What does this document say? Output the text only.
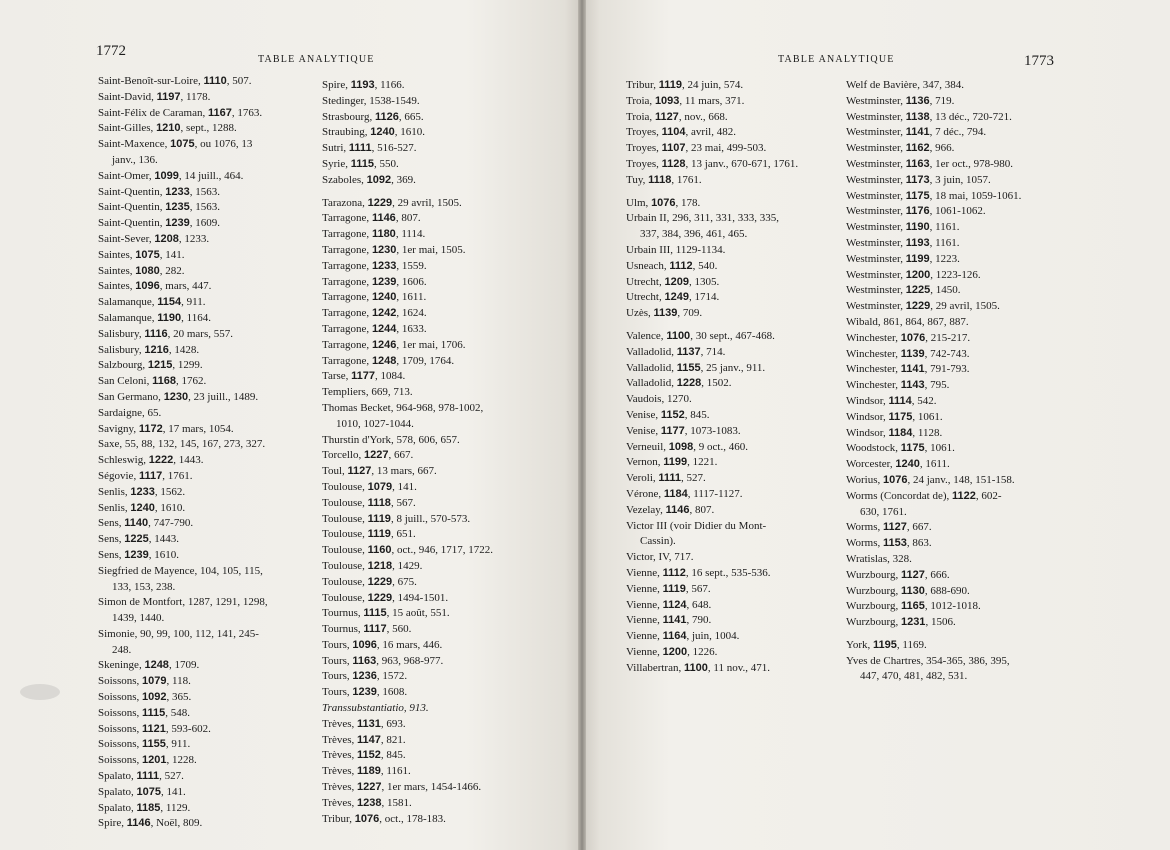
1772
TABLE ANALYTIQUE
Saint-Benoît-sur-Loire, 1110, 507.
Saint-David, 1197, 1178.
Saint-Félix de Caraman, 1167, 1763.
Saint-Gilles, 1210, sept., 1288.
Saint-Maxence, 1075, ou 1076, 13
janv., 136.
Saint-Omer, 1099, 14 juill., 464.
Saint-Quentin, 1233, 1563.
Saint-Quentin, 1235, 1563.
Saint-Quentin, 1239, 1609.
Saint-Sever, 1208, 1233.
Saintes, 1075, 141.
Saintes, 1080, 282.
Saintes, 1096, mars, 447.
Salamanque, 1154, 911.
Salamanque, 1190, 1164.
Salisbury, 1116, 20 mars, 557.
Salisbury, 1216, 1428.
Salzbourg, 1215, 1299.
San Celoni, 1168, 1762.
San Germano, 1230, 23 juill., 1489.
Sardaigne, 65.
Savigny, 1172, 17 mars, 1054.
Saxe, 55, 88, 132, 145, 167, 273, 327.
Schleswig, 1222, 1443.
Ségovie, 1117, 1761.
Senlis, 1233, 1562.
Senlis, 1240, 1610.
Sens, 1140, 747-790.
Sens, 1225, 1443.
Sens, 1239, 1610.
Siegfried de Mayence, 104, 105, 115,
133, 153, 238.
Simon de Montfort, 1287, 1291, 1298,
1439, 1440.
Simonie, 90, 99, 100, 112, 141, 245-
248.
Skeninge, 1248, 1709.
Soissons, 1079, 118.
Soissons, 1092, 365.
Soissons, 1115, 548.
Soissons, 1121, 593-602.
Soissons, 1155, 911.
Soissons, 1201, 1228.
Spalato, 1111, 527.
Spalato, 1075, 141.
Spalato, 1185, 1129.
Spire, 1146, Noël, 809.
Spire, 1193, 1166.
Stedinger, 1538-1549.
Strasbourg, 1126, 665.
Straubing, 1240, 1610.
Sutri, 1111, 516-527.
Syrie, 1115, 550.
Szaboles, 1092, 369.
Tarazona, 1229, 29 avril, 1505.
Tarragone, 1146, 807.
Tarragone, 1180, 1114.
Tarragone, 1230, 1er mai, 1505.
Tarragone, 1233, 1559.
Tarragone, 1239, 1606.
Tarragone, 1240, 1611.
Tarragone, 1242, 1624.
Tarragone, 1244, 1633.
Tarragone, 1246, 1er mai, 1706.
Tarragone, 1248, 1709, 1764.
Tarse, 1177, 1084.
Templiers, 669, 713.
Thomas Becket, 964-968, 978-1002,
1010, 1027-1044.
Thurstin d'York, 578, 606, 657.
Torcello, 1227, 667.
Toul, 1127, 13 mars, 667.
Toulouse, 1079, 141.
Toulouse, 1118, 567.
Toulouse, 1119, 8 juill., 570-573.
Toulouse, 1119, 651.
Toulouse, 1160, oct., 946, 1717, 1722.
Toulouse, 1218, 1429.
Toulouse, 1229, 675.
Toulouse, 1229, 1494-1501.
Tournus, 1115, 15 août, 551.
Tournus, 1117, 560.
Tours, 1096, 16 mars, 446.
Tours, 1163, 963, 968-977.
Tours, 1236, 1572.
Tours, 1239, 1608.
Transsubstantiatio, 913.
Trèves, 1131, 693.
Trèves, 1147, 821.
Trèves, 1152, 845.
Trèves, 1189, 1161.
Trèves, 1227, 1er mars, 1454-1466.
Trèves, 1238, 1581.
Tribur, 1076, oct., 178-183.
TABLE ANALYTIQUE	1773
Tribur, 1119, 24 juin, 574.
Troia, 1093, 11 mars, 371.
Troia, 1127, nov., 668.
Troyes, 1104, avril, 482.
Troyes, 1107, 23 mai, 499-503.
Troyes, 1128, 13 janv., 670-671, 1761.
Tuy, 1118, 1761.
Ulm, 1076, 178.
Urbain II, 296, 311, 331, 333, 335,
337, 384, 396, 461, 465.
Urbain III, 1129-1134.
Usneach, 1112, 540.
Utrecht, 1209, 1305.
Utrecht, 1249, 1714.
Uzès, 1139, 709.
Valence, 1100, 30 sept., 467-468.
Valladolid, 1137, 714.
Valladolid, 1155, 25 janv., 911.
Valladolid, 1228, 1502.
Vaudois, 1270.
Venise, 1152, 845.
Venise, 1177, 1073-1083.
Verneuil, 1098, 9 oct., 460.
Vernon, 1199, 1221.
Veroli, 1111, 527.
Vérone, 1184, 1117-1127.
Vezelay, 1146, 807.
Victor III (voir Didier du Mont-
Cassin).
Victor, IV, 717.
Vienne, 1112, 16 sept., 535-536.
Vienne, 1119, 567.
Vienne, 1124, 648.
Vienne, 1141, 790.
Vienne, 1164, juin, 1004.
Vienne, 1200, 1226.
Villabertran, 1100, 11 nov., 471.
Welf de Bavière, 347, 384.
Westminster, 1136, 719.
Westminster, 1138, 13 déc., 720-721.
Westminster, 1141, 7 déc., 794.
Westminster, 1162, 966.
Westminster, 1163, 1er oct., 978-980.
Westminster, 1173, 3 juin, 1057.
Westminster, 1175, 18 mai, 1059-1061.
Westminster, 1176, 1061-1062.
Westminster, 1190, 1161.
Westminster, 1193, 1161.
Westminster, 1199, 1223.
Westminster, 1200, 1223-126.
Westminster, 1225, 1450.
Westminster, 1229, 29 avril, 1505.
Wibald, 861, 864, 867, 887.
Winchester, 1076, 215-217.
Winchester, 1139, 742-743.
Winchester, 1141, 791-793.
Winchester, 1143, 795.
Windsor, 1114, 542.
Windsor, 1175, 1061.
Windsor, 1184, 1128.
Woodstock, 1175, 1061.
Worcester, 1240, 1611.
Worius, 1076, 24 janv., 148, 151-158.
Worms (Concordat de), 1122, 602-
630, 1761.
Worms, 1127, 667.
Worms, 1153, 863.
Wratislas, 328.
Wurzbourg, 1127, 666.
Wurzbourg, 1130, 688-690.
Wurzbourg, 1165, 1012-1018.
Wurzbourg, 1231, 1506.
York, 1195, 1169.
Yves de Chartres, 354-365, 386, 395,
447, 470, 481, 482, 531.
